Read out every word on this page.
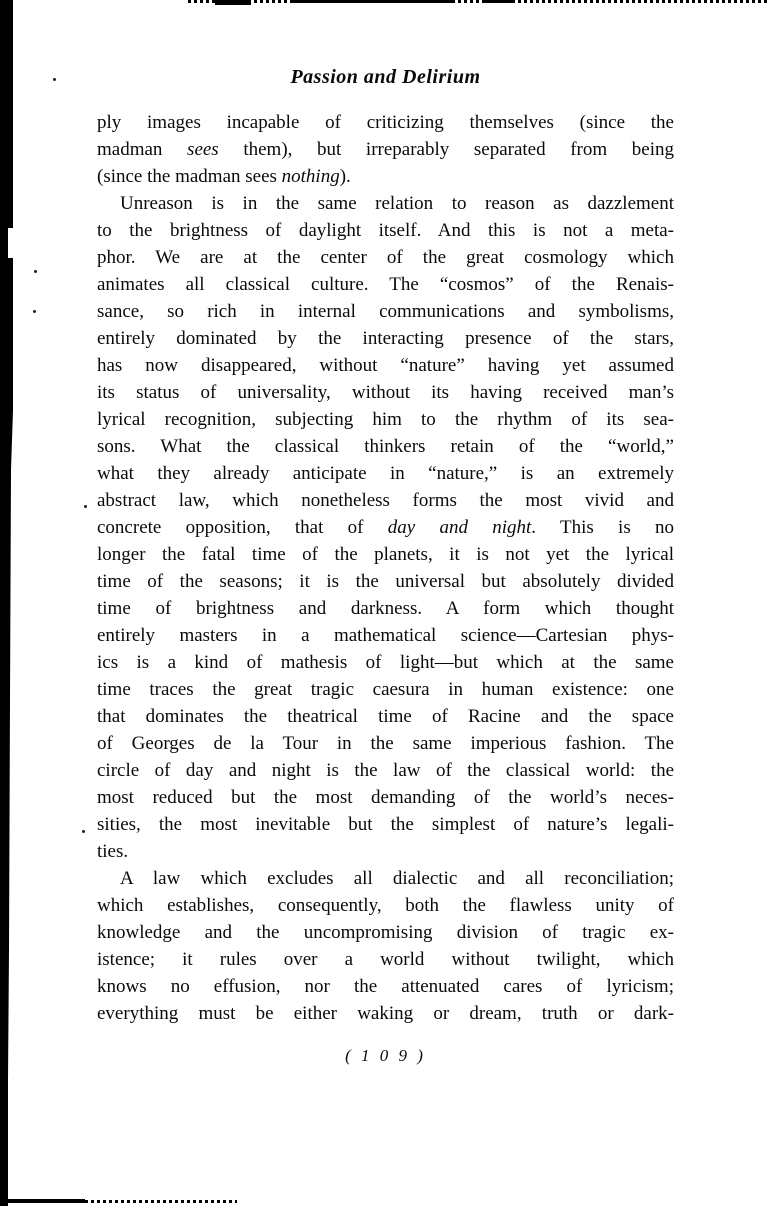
Passion and Delirium
ply images incapable of criticizing themselves (since the
madman sees them), but irreparably separated from being
(since the madman sees nothing).
Unreason is in the same relation to reason as dazzlement
to the brightness of daylight itself. And this is not a meta-
phor. We are at the center of the great cosmology which
animates all classical culture. The “cosmos” of the Renais-
sance, so rich in internal communications and symbolisms,
entirely dominated by the interacting presence of the stars,
has now disappeared, without “nature” having yet assumed
its status of universality, without its having received man’s
lyrical recognition, subjecting him to the rhythm of its sea-
sons. What the classical thinkers retain of the “world,”
what they already anticipate in “nature,” is an extremely
abstract law, which nonetheless forms the most vivid and
concrete opposition, that of day and night. This is no
longer the fatal time of the planets, it is not yet the lyrical
time of the seasons; it is the universal but absolutely divided
time of brightness and darkness. A form which thought
entirely masters in a mathematical science—Cartesian phys-
ics is a kind of mathesis of light—but which at the same
time traces the great tragic caesura in human existence: one
that dominates the theatrical time of Racine and the space
of Georges de la Tour in the same imperious fashion. The
circle of day and night is the law of the classical world: the
most reduced but the most demanding of the world’s neces-
sities, the most inevitable but the simplest of nature’s legali-
ties.
A law which excludes all dialectic and all reconciliation;
which establishes, consequently, both the flawless unity of
knowledge and the uncompromising division of tragic ex-
istence; it rules over a world without twilight, which
knows no effusion, nor the attenuated cares of lyricism;
everything must be either waking or dream, truth or dark-
( 1 0 9 )
